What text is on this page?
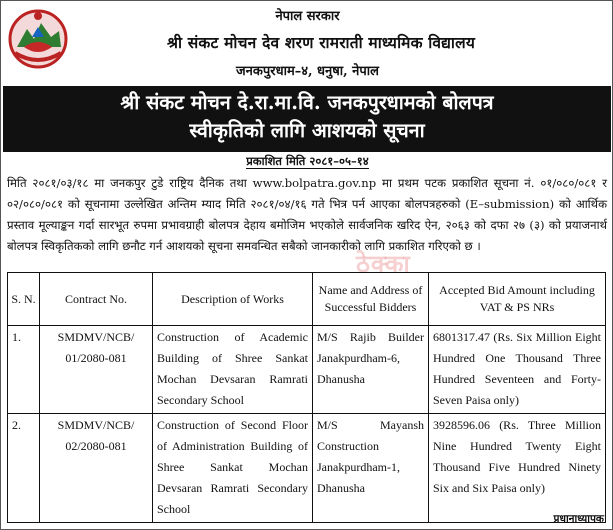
नेपाल सरकार
श्री संकट मोचन देव शरण रामराती माध्यमिक विद्यालय
जनकपुरधाम–४, धनुषा, नेपाल
श्री संकट मोचन दे.रा.मा.वि. जनकपुरधामको बोलपत्र
स्वीकृतिको लागि आशयको सूचना
प्रकाशित मिति २०८१–०५–१४
मिति २०८१/०३/१८ मा जनकपुर टुडे राष्ट्रिय दैनिक तथा www.bolpatra.gov.np मा प्रथम पटक प्रकाशित सूचना नं. ०१/०८०/०८१ र ०२/०८०/०८१ को सूचनामा उल्लेखित अन्तिम म्याद मिति २०८१/०४/१६ गते भित्र पर्न आएका बोलपत्रहरुको (E–submission) को आर्थिक प्रस्ताव मूल्याङ्कन गर्दा सारभूत रुपमा प्रभावग्राही बोलपत्र देहाय बमोजिम भएकोले सार्वजनिक खरिद ऐन, २०६३ को दफा २७ (३) को प्रयाजनार्थ बोलपत्र स्विकृतिकको लागि छनौट गर्न आशयको सूचना समवन्धित सबैको जानकारीको लागि प्रकाशित गरिएको छ ।
ठेक्का
S. N.	Contract No.	Description of Works	Name and Address of Successful Bidders	Accepted Bid Amount including VAT & PS NRs
1.	SMDMV/NCB/ 01/2080-081	Construction of Academic Building of Shree Sankat Mochan Devsaran Ramrati Secondary School	M/S Rajib Builder Janakpurdham-6, Dhanusha	6801317.47 (Rs. Six Million Eight Hundred One Thousand Three Hundred Seventeen and Forty-Seven Paisa only)
2.	SMDMV/NCB/ 02/2080-081	Construction of Second Floor of Administration Building of Shree Sankat Mochan Devsaran Ramrati Secondary School	M/S Mayansh Construction Janakpurdham-1, Dhanusha	3928596.06 (Rs. Three Million Nine Hundred Twenty Eight Thousand Five Hundred Ninety Six and Six Paisa only)
प्रधानाध्यापक
